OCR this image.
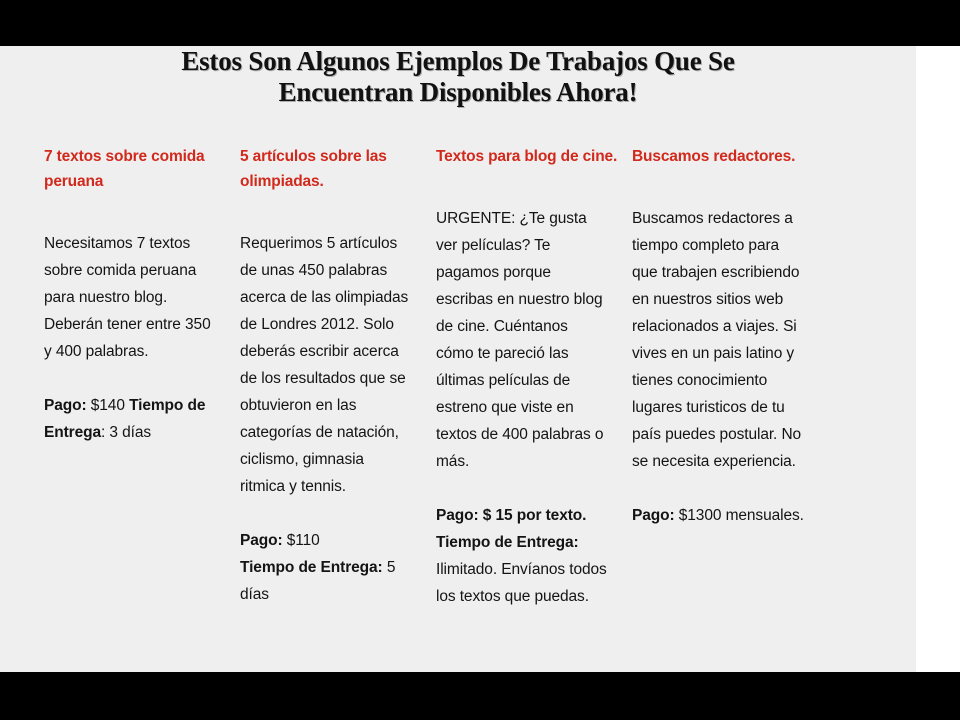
Estos Son Algunos Ejemplos De Trabajos Que Se
Encuentran Disponibles Ahora!
7 textos sobre comida peruana

Necesitamos 7 textos sobre comida peruana para nuestro blog. Deberán tener entre 350 y 400 palabras.

Pago: $140 Tiempo de Entrega: 3 días

5 artículos sobre las olimpiadas.

Requerimos 5 artículos de unas 450 palabras acerca de las olimpiadas de Londres 2012. Solo deberás escribir acerca de los resultados que se obtuvieron en las categorías de natación, ciclismo, gimnasia ritmica y tennis.

Pago: $110
Tiempo de Entrega: 5 días

Textos para blog de cine.

URGENTE: ¿Te gusta ver películas? Te pagamos porque escribas en nuestro blog de cine. Cuéntanos cómo te pareció las últimas películas de estreno que viste en textos de 400 palabras o más.

Pago: $ 15 por texto.
Tiempo de Entrega: Ilimitado. Envíanos todos los textos que puedas.

Buscamos redactores.

Buscamos redactores a tiempo completo para que trabajen escribiendo en nuestros sitios web relacionados a viajes. Si vives en un pais latino y tienes conocimiento lugares turisticos de tu país puedes postular. No se necesita experiencia.

Pago: $1300 mensuales.
